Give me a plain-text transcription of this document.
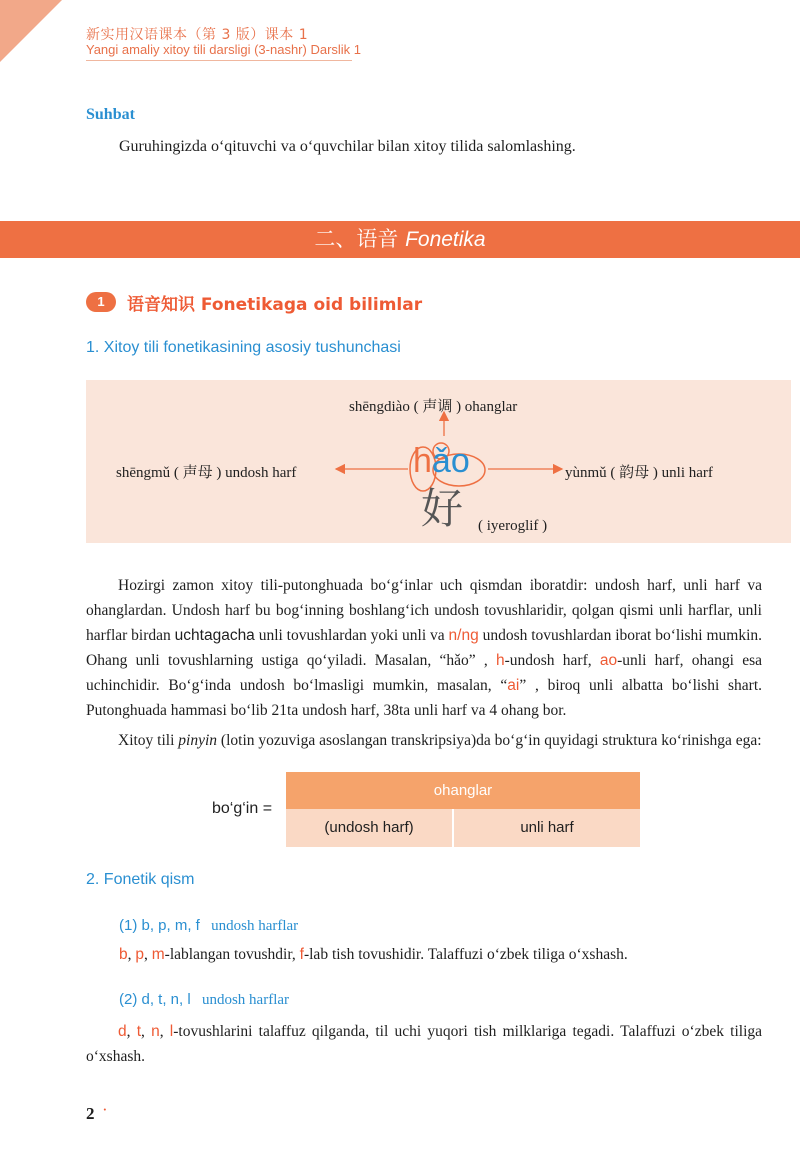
新实用汉语课本（第 3 版）课本 1
Yangi amaliy xitoy tili darsligi (3-nashr) Darslik 1
Suhbat
Guruhingizda o‘qituvchi va o‘quvchilar bilan xitoy tilida salomlashing.
二、语音 Fonetika
1	语音知识 Fonetikaga oid bilimlar
1. Xitoy tili fonetikasining asosiy tushunchasi
shēngdiào ( 声调 ) ohanglar
shēngmǔ ( 声母 ) undosh harf	yùnmǔ ( 韵母 ) unli harf
hǎo
好 ( iyeroglif )

Hozirgi zamon xitoy tili-putonghuada bo‘g‘inlar uch qismdan iboratdir: undosh harf, unli harf va ohanglardan. Undosh harf bu bog‘inning boshlang‘ich undosh tovushlaridir, qolgan qismi unli harflar, unli harflar birdan uchtagacha unli tovushlardan yoki unli va n/ng undosh tovushlardan iborat bo‘lishi mumkin. Ohang unli tovushlarning ustiga qo‘yiladi. Masalan, “hǎo” , h-undosh harf, ao-unli harf, ohangi esa uchinchidir. Bo‘g‘inda undosh bo‘lmasligi mumkin, masalan, “ai” , biroq unli albatta bo‘lishi shart. Putonghuada hammasi bo‘lib 21ta undosh harf, 38ta unli harf va 4 ohang bor.

Xitoy tili pinyin (lotin yozuviga asoslangan transkripsiya)da bo‘g‘in quyidagi struktura ko‘rinishga ega:

bo‘g‘in =
ohanglar
(undosh harf)	unli harf
2. Fonetik qism
(1) b, p, m, f undosh harflar
b, p, m-lablangan tovushdir, f-lab tish tovushidir. Talaffuzi o‘zbek tiliga o‘xshash.
(2) d, t, n, l undosh harflar
d, t, n, l-tovushlarini talaffuz qilganda, til uchi yuqori tish milklariga tegadi. Talaffuzi o‘zbek tiliga o‘xshash.
2 ·
